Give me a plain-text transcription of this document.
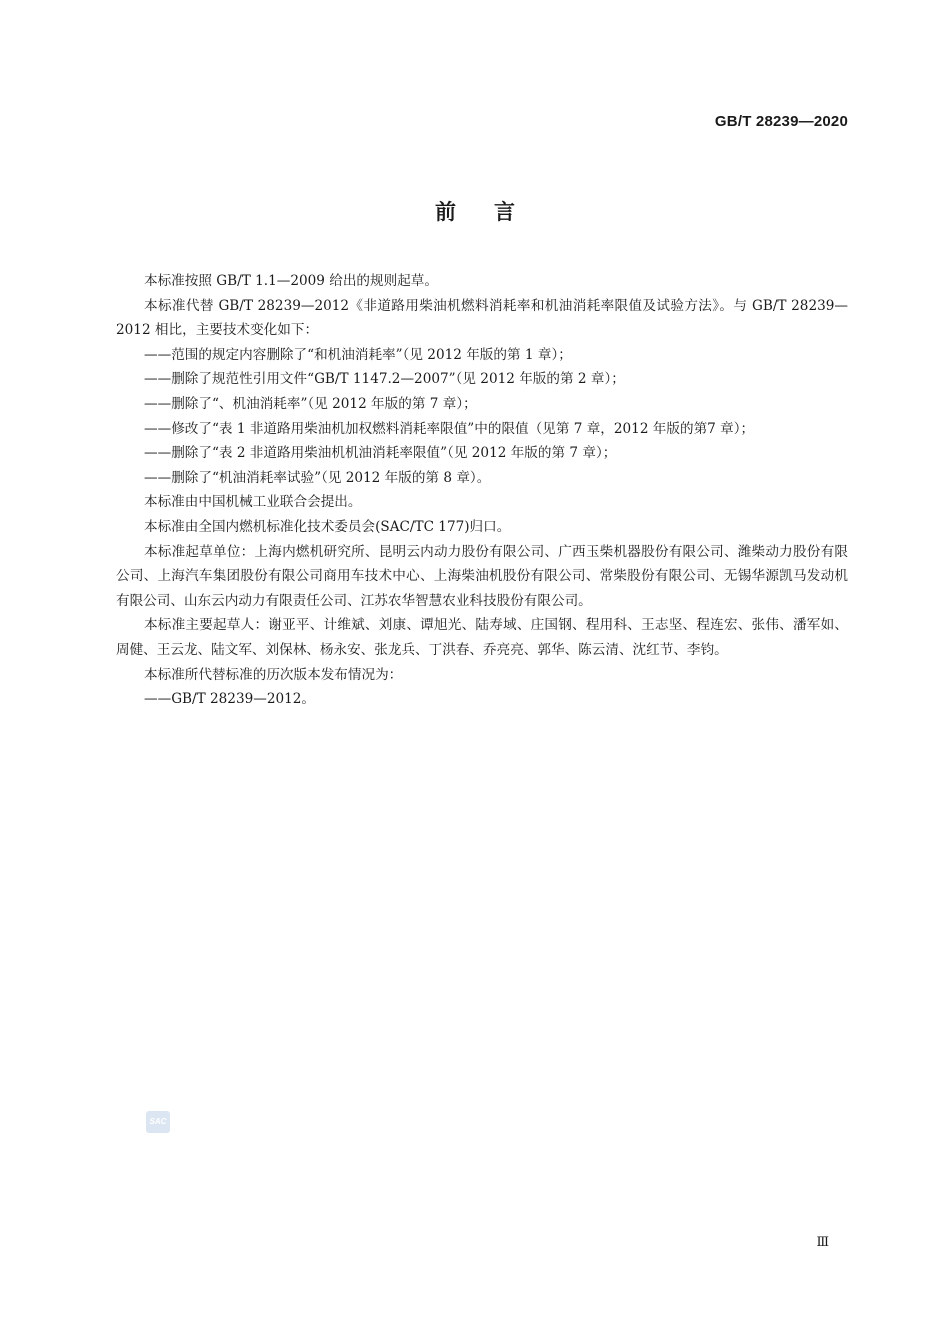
GB/T 28239—2020
前言

本标准按照 GB/T 1.1—2009 给出的规则起草。

本标准代替 GB/T 28239—2012《非道路用柴油机燃料消耗率和机油消耗率限值及试验方法》。与 GB/T 28239—2012 相比，主要技术变化如下：

——范围的规定内容删除了“和机油消耗率”（见 2012 年版的第 1 章）；

——删除了规范性引用文件“GB/T 1147.2—2007”（见 2012 年版的第 2 章）；

——删除了“、机油消耗率”（见 2012 年版的第 7 章）；

——修改了“表 1 非道路用柴油机加权燃料消耗率限值”中的限值（见第 7 章，2012 年版的第7 章）；

——删除了“表 2 非道路用柴油机机油消耗率限值”（见 2012 年版的第 7 章）；

——删除了“机油消耗率试验”（见 2012 年版的第 8 章）。

本标准由中国机械工业联合会提出。

本标准由全国内燃机标准化技术委员会(SAC/TC 177)归口。

本标准起草单位：上海内燃机研究所、昆明云内动力股份有限公司、广西玉柴机器股份有限公司、潍柴动力股份有限公司、上海汽车集团股份有限公司商用车技术中心、上海柴油机股份有限公司、常柴股份有限公司、无锡华源凯马发动机有限公司、山东云内动力有限责任公司、江苏农华智慧农业科技股份有限公司。

本标准主要起草人：谢亚平、计维斌、刘康、谭旭光、陆寿域、庄国钢、程用科、王志坚、程连宏、张伟、潘军如、周健、王云龙、陆文军、刘保林、杨永安、张龙兵、丁洪春、乔亮亮、郭华、陈云清、沈红节、李钧。

本标准所代替标准的历次版本发布情况为：

——GB/T 28239—2012。

SAC
Ⅲ
